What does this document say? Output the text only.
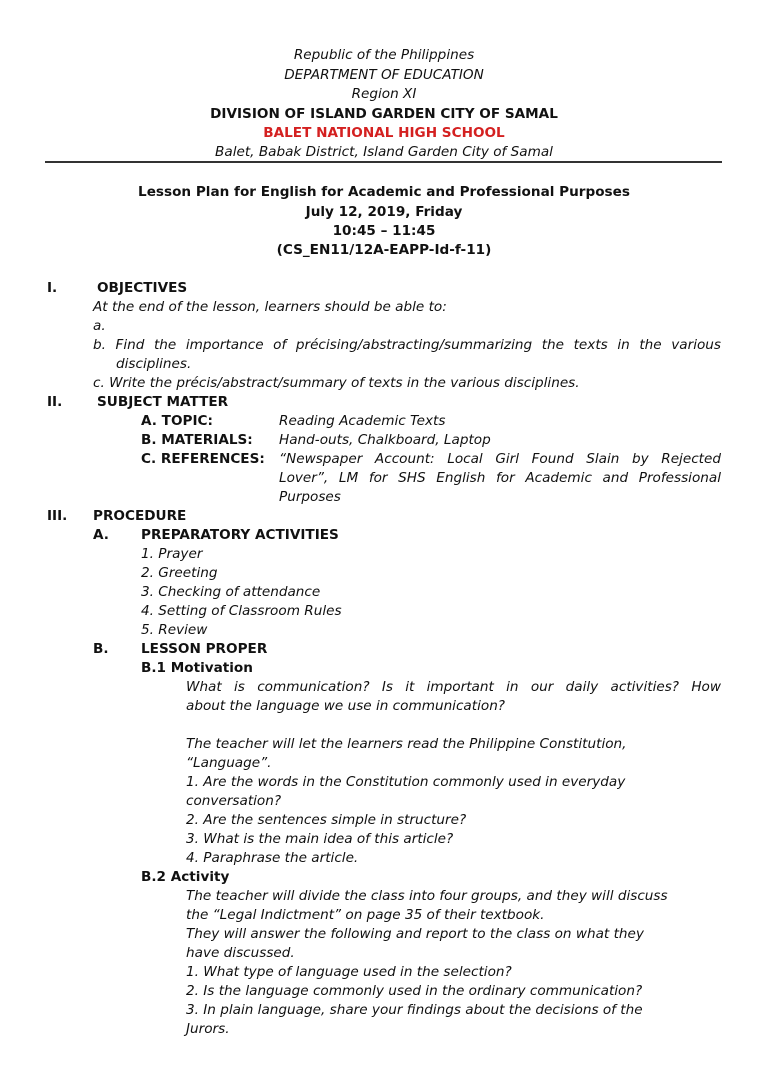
Republic of the Philippines
DEPARTMENT OF EDUCATION
Region XI
DIVISION OF ISLAND GARDEN CITY OF SAMAL
BALET NATIONAL HIGH SCHOOL
Balet, Babak District, Island Garden City of Samal
Lesson Plan for English for Academic and Professional Purposes
July 12, 2019, Friday
10:45 – 11:45
(CS_EN11/12A-EAPP-Id-f-11)
I.	OBJECTIVES
At the end of the lesson, learners should be able to:
a.
b. Find the importance of précising/abstracting/summarizing the texts in the various
disciplines.
c. Write the précis/abstract/summary of texts in the various disciplines.
II.	SUBJECT MATTER
A. TOPIC:	Reading Academic Texts
B. MATERIALS: Hand-outs, Chalkboard, Laptop
C. REFERENCES: “Newspaper Account: Local Girl Found Slain by Rejected
Lover”, LM for SHS English for Academic and Professional
Purposes
III. PROCEDURE
A. PREPARATORY ACTIVITIES
1. Prayer
2. Greeting
3. Checking of attendance
4. Setting of Classroom Rules
5. Review
B. LESSON PROPER
B.1 Motivation
What is communication? Is it important in our daily activities? How
about the language we use in communication?
The teacher will let the learners read the Philippine Constitution,
“Language”.
1. Are the words in the Constitution commonly used in everyday
conversation?
2. Are the sentences simple in structure?
3. What is the main idea of this article?
4. Paraphrase the article.
B.2 Activity
The teacher will divide the class into four groups, and they will discuss
the “Legal Indictment” on page 35 of their textbook.
They will answer the following and report to the class on what they
have discussed.
1. What type of language used in the selection?
2. Is the language commonly used in the ordinary communication?
3. In plain language, share your findings about the decisions of the
Jurors.
